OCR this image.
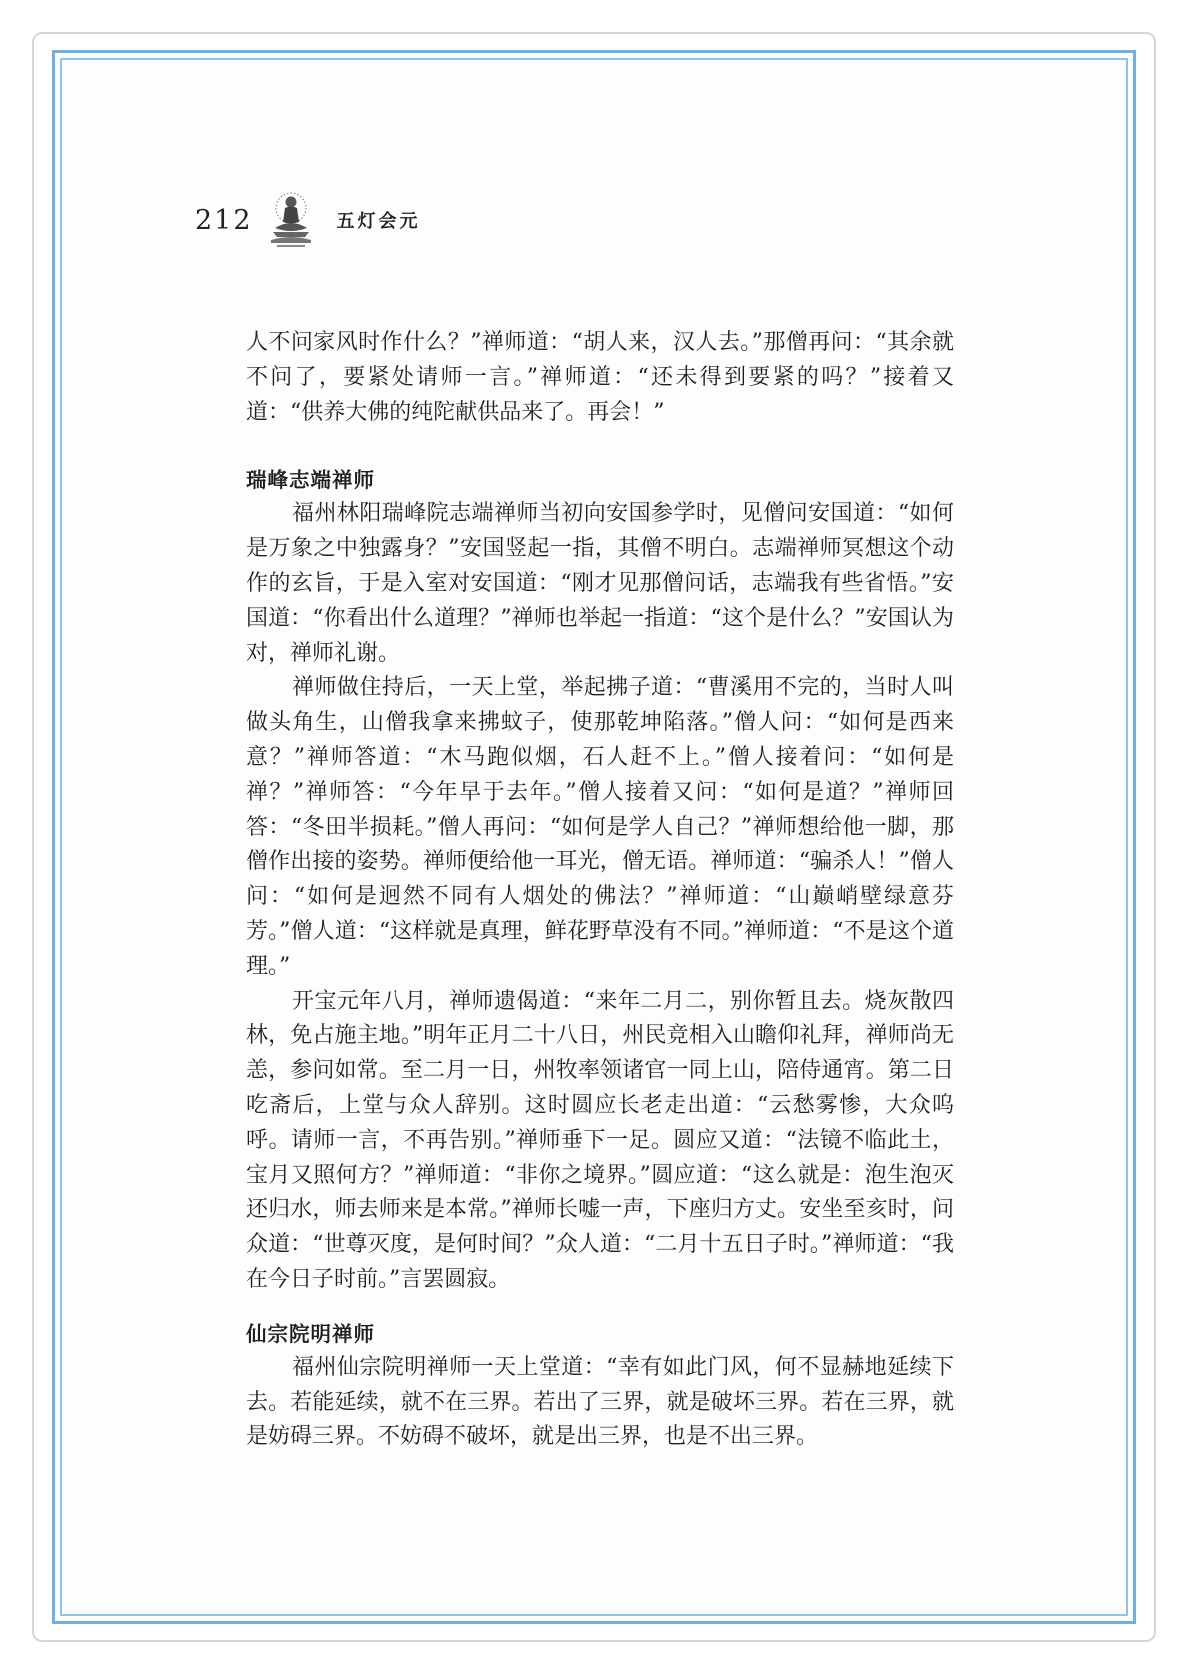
212	五灯会元

人不问家风时作什么？”禅师道：“胡人来，汉人去。”那僧再问：“其余就不问了，要紧处请师一言。”禅师道：“还未得到要紧的吗？”接着又道：“供养大佛的纯陀献供品来了。再会！”

瑞峰志端禅师

福州林阳瑞峰院志端禅师当初向安国参学时，见僧问安国道：“如何是万象之中独露身？”安国竖起一指，其僧不明白。志端禅师冥想这个动作的玄旨，于是入室对安国道：“刚才见那僧问话，志端我有些省悟。”安国道：“你看出什么道理？”禅师也举起一指道：“这个是什么？”安国认为对，禅师礼谢。

禅师做住持后，一天上堂，举起拂子道：“曹溪用不完的，当时人叫做头角生，山僧我拿来拂蚊子，使那乾坤陷落。”僧人问：“如何是西来意？”禅师答道：“木马跑似烟，石人赶不上。”僧人接着问：“如何是禅？”禅师答：“今年早于去年。”僧人接着又问：“如何是道？”禅师回答：“冬田半损耗。”僧人再问：“如何是学人自己？”禅师想给他一脚，那僧作出接的姿势。禅师便给他一耳光，僧无语。禅师道：“骗杀人！”僧人问：“如何是迥然不同有人烟处的佛法？”禅师道：“山巅峭壁绿意芬芳。”僧人道：“这样就是真理，鲜花野草没有不同。”禅师道：“不是这个道理。”

开宝元年八月，禅师遗偈道：“来年二月二，别你暂且去。烧灰散四林，免占施主地。”明年正月二十八日，州民竞相入山瞻仰礼拜，禅师尚无恙，参问如常。至二月一日，州牧率领诸官一同上山，陪侍通宵。第二日吃斋后，上堂与众人辞别。这时圆应长老走出道：“云愁雾惨，大众呜呼。请师一言，不再告别。”禅师垂下一足。圆应又道：“法镜不临此土，宝月又照何方？”禅师道：“非你之境界。”圆应道：“这么就是：泡生泡灭还归水，师去师来是本常。”禅师长嘘一声，下座归方丈。安坐至亥时，问众道：“世尊灭度，是何时间？”众人道：“二月十五日子时。”禅师道：“我在今日子时前。”言罢圆寂。

仙宗院明禅师

福州仙宗院明禅师一天上堂道：“幸有如此门风，何不显赫地延续下去。若能延续，就不在三界。若出了三界，就是破坏三界。若在三界，就是妨碍三界。不妨碍不破坏，就是出三界，也是不出三界。
